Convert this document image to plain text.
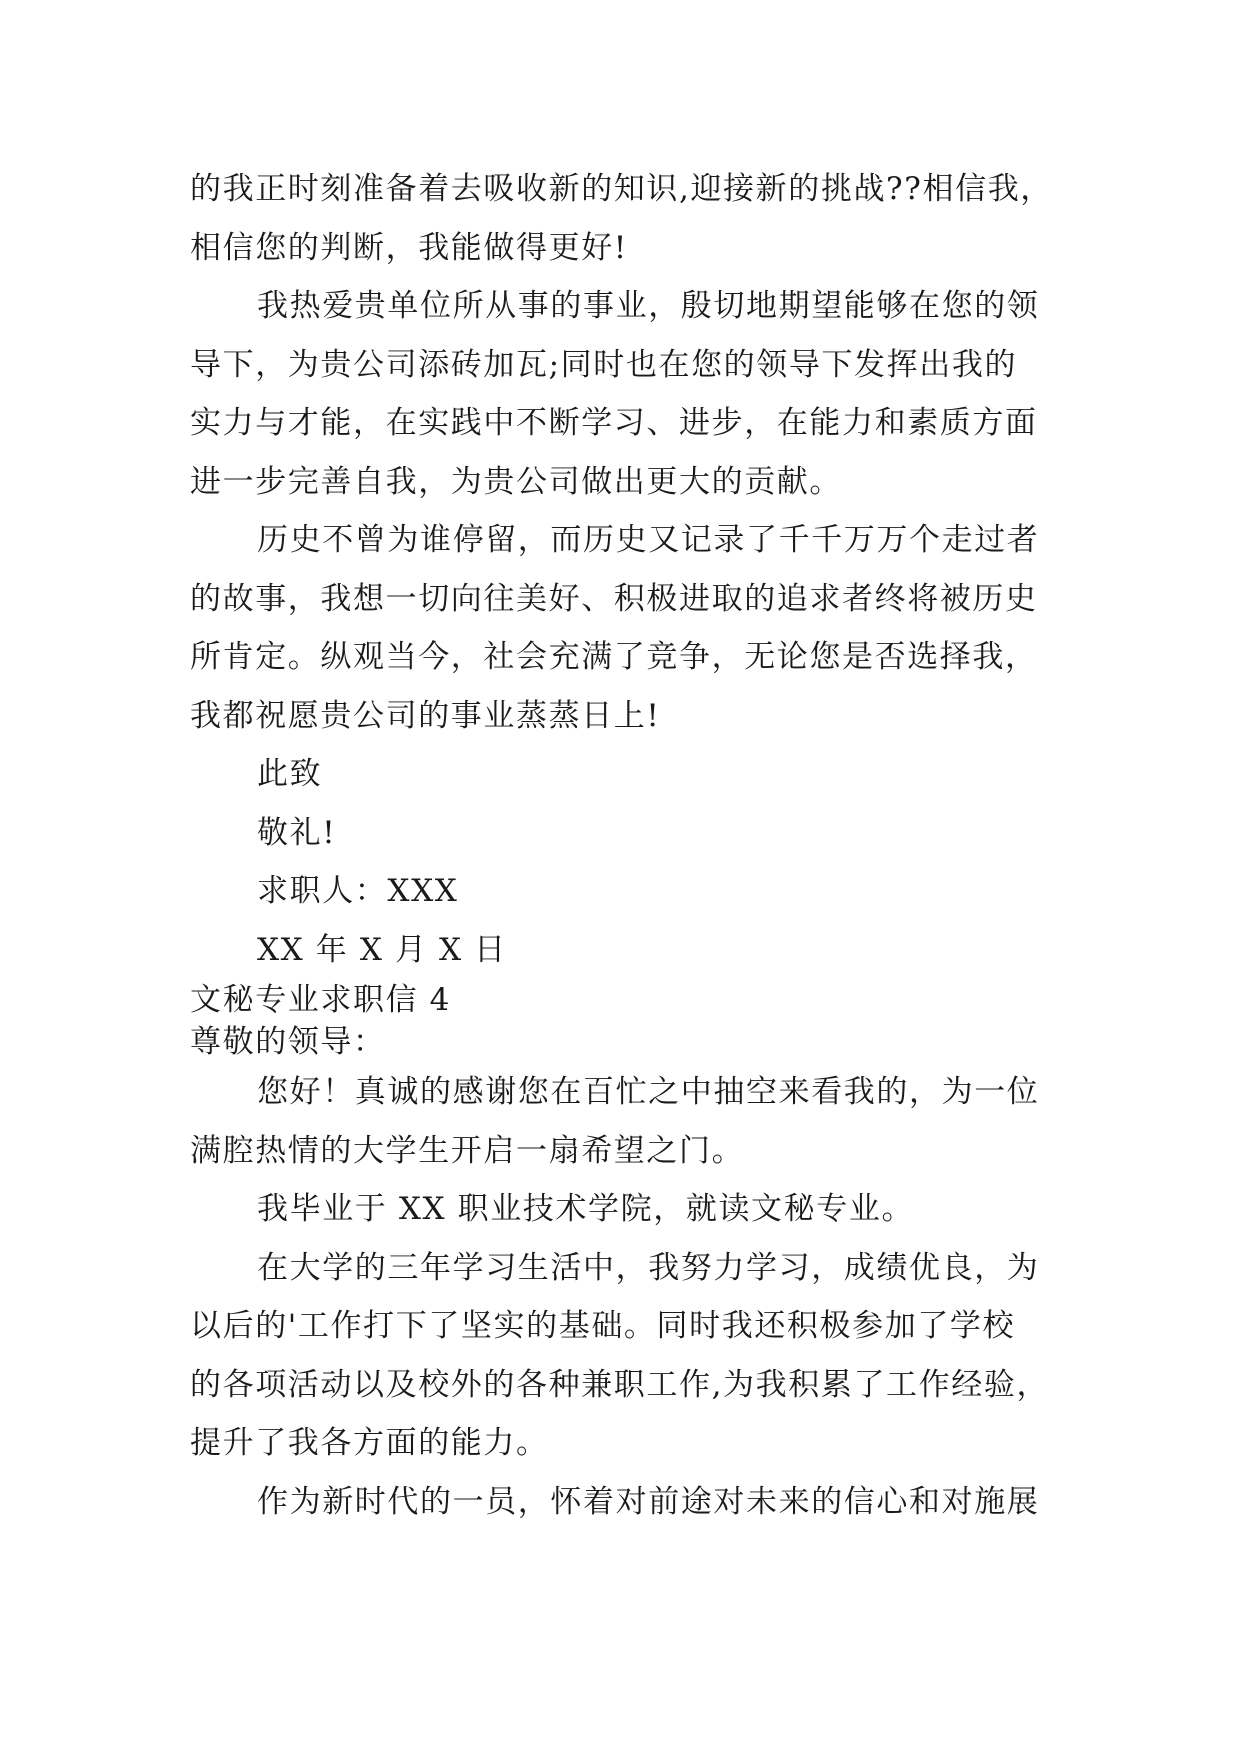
的我正时刻准备着去吸收新的知识,迎接新的挑战??相信我，
相信您的判断，我能做得更好!
我热爱贵单位所从事的事业，殷切地期望能够在您的领
导下，为贵公司添砖加瓦;同时也在您的领导下发挥出我的
实力与才能，在实践中不断学习、进步，在能力和素质方面
进一步完善自我，为贵公司做出更大的贡献。
历史不曾为谁停留，而历史又记录了千千万万个走过者
的故事，我想一切向往美好、积极进取的追求者终将被历史
所肯定。纵观当今，社会充满了竞争，无论您是否选择我，
我都祝愿贵公司的事业蒸蒸日上!
此致
敬礼!
求职人：XXX
XX 年 X 月 X 日
文秘专业求职信 4
尊敬的领导：
您好！真诚的感谢您在百忙之中抽空来看我的，为一位
满腔热情的大学生开启一扇希望之门。
我毕业于 XX 职业技术学院，就读文秘专业。
在大学的三年学习生活中，我努力学习，成绩优良，为
以后的'工作打下了坚实的基础。同时我还积极参加了学校
的各项活动以及校外的各种兼职工作,为我积累了工作经验，
提升了我各方面的能力。
作为新时代的一员，怀着对前途对未来的信心和对施展
